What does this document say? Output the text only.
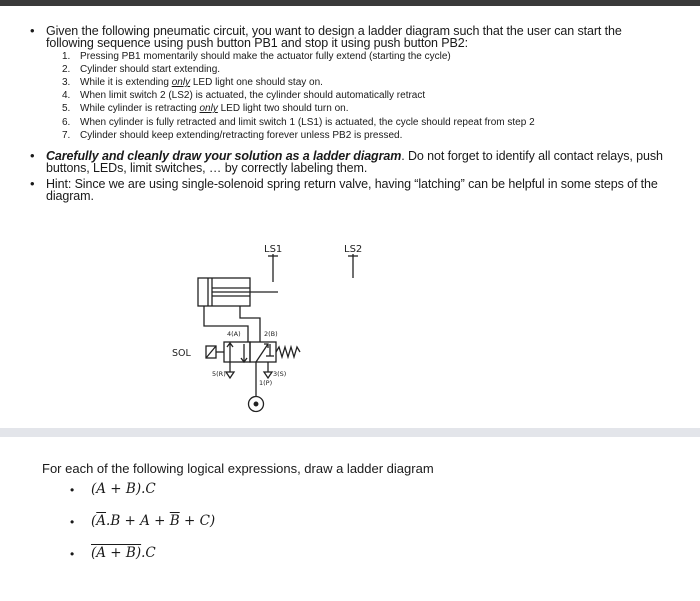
• Given the following pneumatic circuit, you want to design a ladder diagram such that the user can start the
following sequence using push button PB1 and stop it using push button PB2:
1. Pressing PB1 momentarily should make the actuator fully extend (starting the cycle)
2. Cylinder should start extending.
3. While it is extending only LED light one should stay on.
4. When limit switch 2 (LS2) is actuated, the cylinder should automatically retract
5. While cylinder is retracting only LED light two should turn on.
6. When cylinder is fully retracted and limit switch 1 (LS1) is actuated, the cycle should repeat from step 2
7. Cylinder should keep extending/retracting forever unless PB2 is pressed.
• Carefully and cleanly draw your solution as a ladder diagram. Do not forget to identify all contact relays, push
buttons, LEDs, limit switches, … by correctly labeling them.
• Hint: Since we are using single-solenoid spring return valve, having “latching” can be helpful in some steps of the
diagram.
LS1	LS2
SOL
4(A)	2(B)
5(R)	3(S)
1(P)
For each of the following logical expressions, draw a ladder diagram
• (A + B).C
• $(\overline{A}.B + A + \overline{B} + C)$
• (A + B).C
